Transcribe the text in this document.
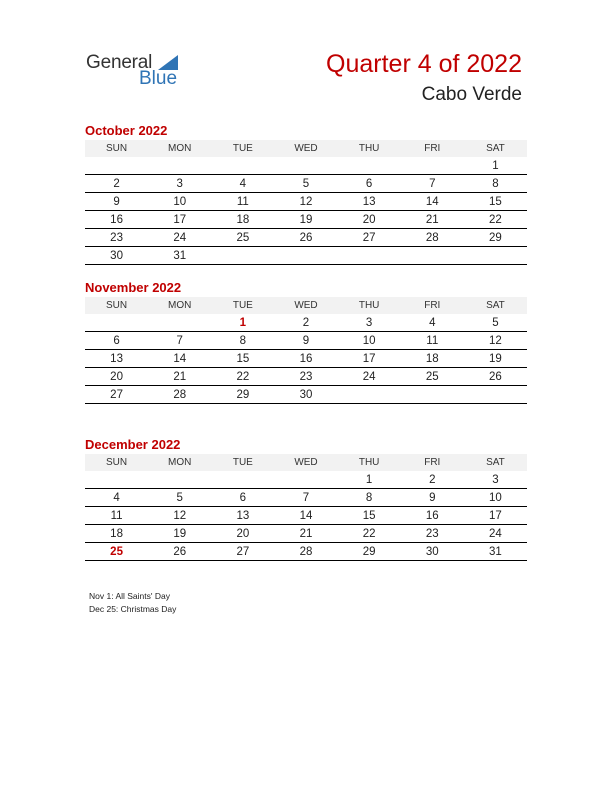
General
Blue
Quarter 4 of 2022
Cabo Verde
October 2022
SUN	MON	TUE	WED	THU	FRI	SAT
						1
2	3	4	5	6	7	8
9	10	11	12	13	14	15
16	17	18	19	20	21	22
23	24	25	26	27	28	29
30	31					
November 2022
SUN	MON	TUE	WED	THU	FRI	SAT
		1	2	3	4	5
6	7	8	9	10	11	12
13	14	15	16	17	18	19
20	21	22	23	24	25	26
27	28	29	30			
December 2022
SUN	MON	TUE	WED	THU	FRI	SAT
				1	2	3
4	5	6	7	8	9	10
11	12	13	14	15	16	17
18	19	20	21	22	23	24
25	26	27	28	29	30	31
Nov 1: All Saints' Day
Dec 25: Christmas Day
